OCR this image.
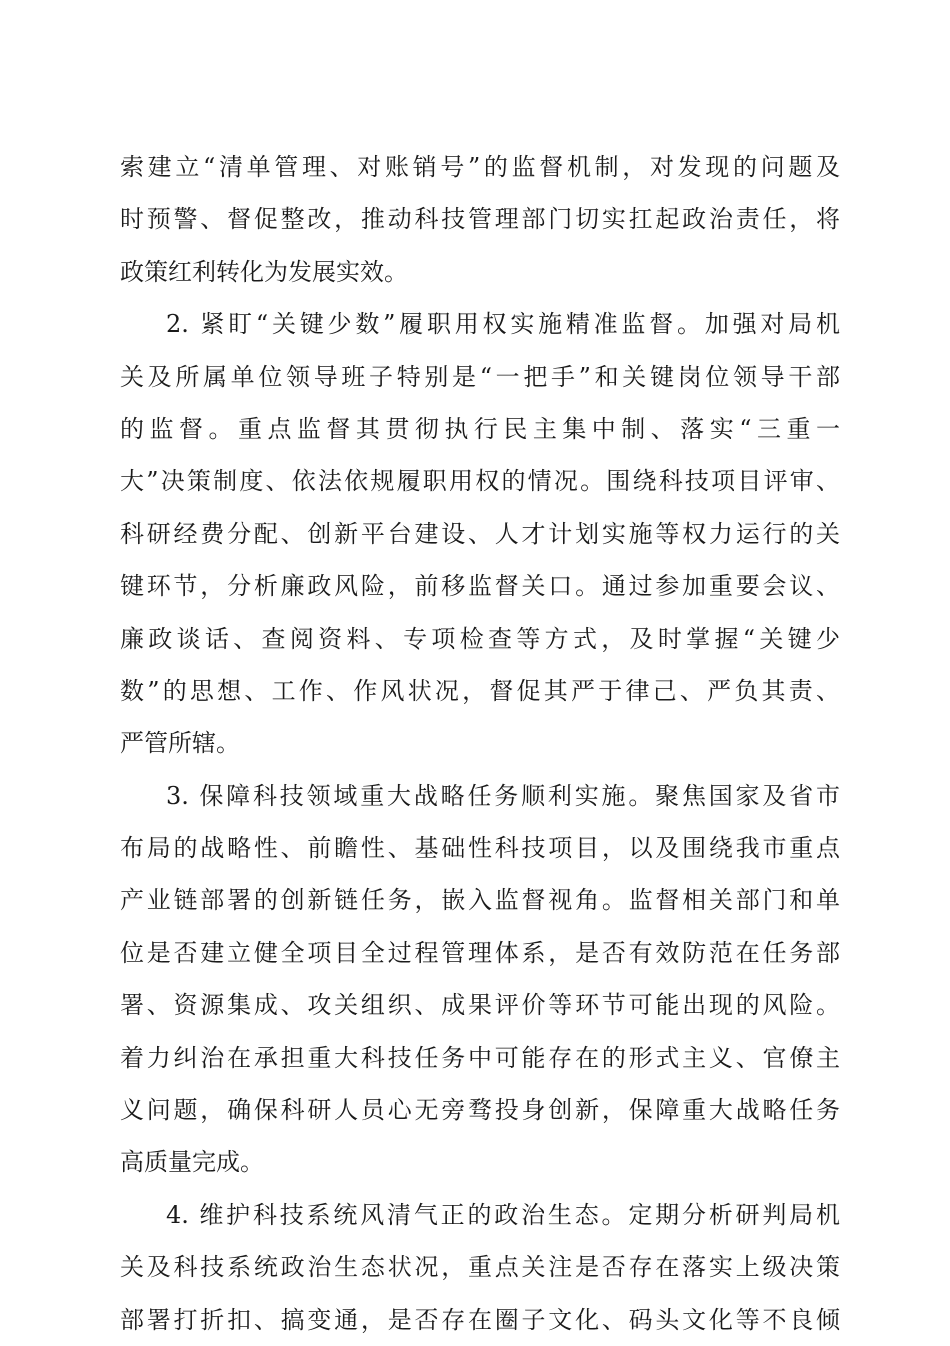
索建立“清单管理、对账销号”的监督机制，对发现的问题及
时预警、督促整改，推动科技管理部门切实扛起政治责任，将
政策红利转化为发展实效。
2. 紧盯“关键少数”履职用权实施精准监督。加强对局机
关及所属单位领导班子特别是“一把手”和关键岗位领导干部
的监督。重点监督其贯彻执行民主集中制、落实“三重一
大”决策制度、依法依规履职用权的情况。围绕科技项目评审、
科研经费分配、创新平台建设、人才计划实施等权力运行的关
键环节，分析廉政风险，前移监督关口。通过参加重要会议、
廉政谈话、查阅资料、专项检查等方式，及时掌握“关键少
数”的思想、工作、作风状况，督促其严于律己、严负其责、
严管所辖。
3. 保障科技领域重大战略任务顺利实施。聚焦国家及省市
布局的战略性、前瞻性、基础性科技项目，以及围绕我市重点
产业链部署的创新链任务，嵌入监督视角。监督相关部门和单
位是否建立健全项目全过程管理体系，是否有效防范在任务部
署、资源集成、攻关组织、成果评价等环节可能出现的风险。
着力纠治在承担重大科技任务中可能存在的形式主义、官僚主
义问题，确保科研人员心无旁骛投身创新，保障重大战略任务
高质量完成。
4. 维护科技系统风清气正的政治生态。定期分析研判局机
关及科技系统政治生态状况，重点关注是否存在落实上级决策
部署打折扣、搞变通，是否存在圈子文化、码头文化等不良倾
